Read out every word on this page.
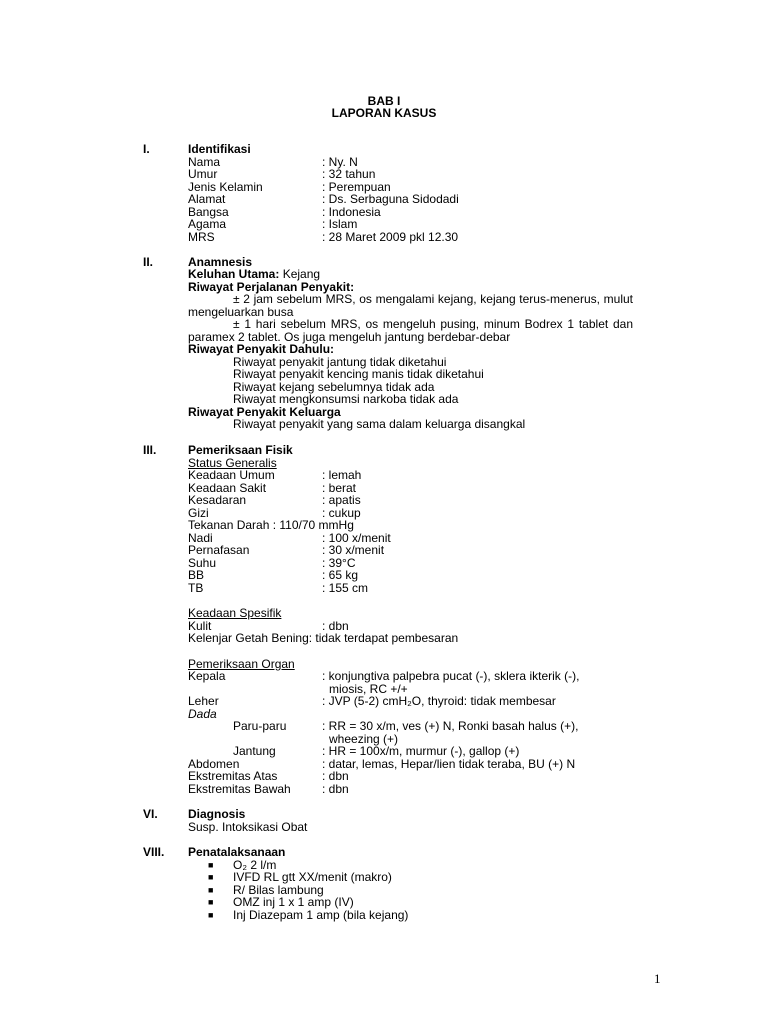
BAB I
LAPORAN KASUS
I.	Identifikasi
Nama	: Ny. N
Umur	: 32 tahun
Jenis Kelamin	: Perempuan
Alamat	: Ds. Serbaguna Sidodadi
Bangsa	: Indonesia
Agama	: Islam
MRS	: 28 Maret 2009 pkl 12.30
II.	Anamnesis
Keluhan Utama: Kejang
Riwayat Perjalanan Penyakit:
± 2 jam sebelum MRS, os mengalami kejang, kejang terus-menerus, mulut
mengeluarkan busa
± 1 hari sebelum MRS, os mengeluh pusing, minum Bodrex 1 tablet dan
paramex 2 tablet. Os juga mengeluh jantung berdebar-debar
Riwayat Penyakit Dahulu:
Riwayat penyakit jantung tidak diketahui
Riwayat penyakit kencing manis tidak diketahui
Riwayat kejang sebelumnya tidak ada
Riwayat mengkonsumsi narkoba tidak ada
Riwayat Penyakit Keluarga
Riwayat penyakit yang sama dalam keluarga disangkal
III.	Pemeriksaan Fisik
Status Generalis
Keadaan Umum	: lemah
Keadaan Sakit	: berat
Kesadaran	: apatis
Gizi	: cukup
Tekanan Darah : 110/70 mmHg
Nadi	: 100 x/menit
Pernafasan	: 30 x/menit
Suhu	: 39°C
BB	: 65 kg
TB	: 155 cm
Keadaan Spesifik
Kulit	: dbn
Kelenjar Getah Bening: tidak terdapat pembesaran
Pemeriksaan Organ
Kepala	: konjungtiva palpebra pucat (-), sklera ikterik (-),
miosis, RC +/+
Leher	: JVP (5-2) cmH₂O, thyroid: tidak membesar
Dada
Paru-paru	: RR = 30 x/m, ves (+) N, Ronki basah halus (+),
wheezing (+)
Jantung	: HR = 100x/m, murmur (-), gallop (+)
Abdomen	: datar, lemas, Hepar/lien tidak teraba, BU (+) N
Ekstremitas Atas	: dbn
Ekstremitas Bawah	: dbn
VI.	Diagnosis
Susp. Intoksikasi Obat
VIII. Penatalaksanaan
■ O₂ 2 l/m
■ IVFD RL gtt XX/menit (makro)
■ R/ Bilas lambung
■ OMZ inj 1 x 1 amp (IV)
■ Inj Diazepam 1 amp (bila kejang)
1
